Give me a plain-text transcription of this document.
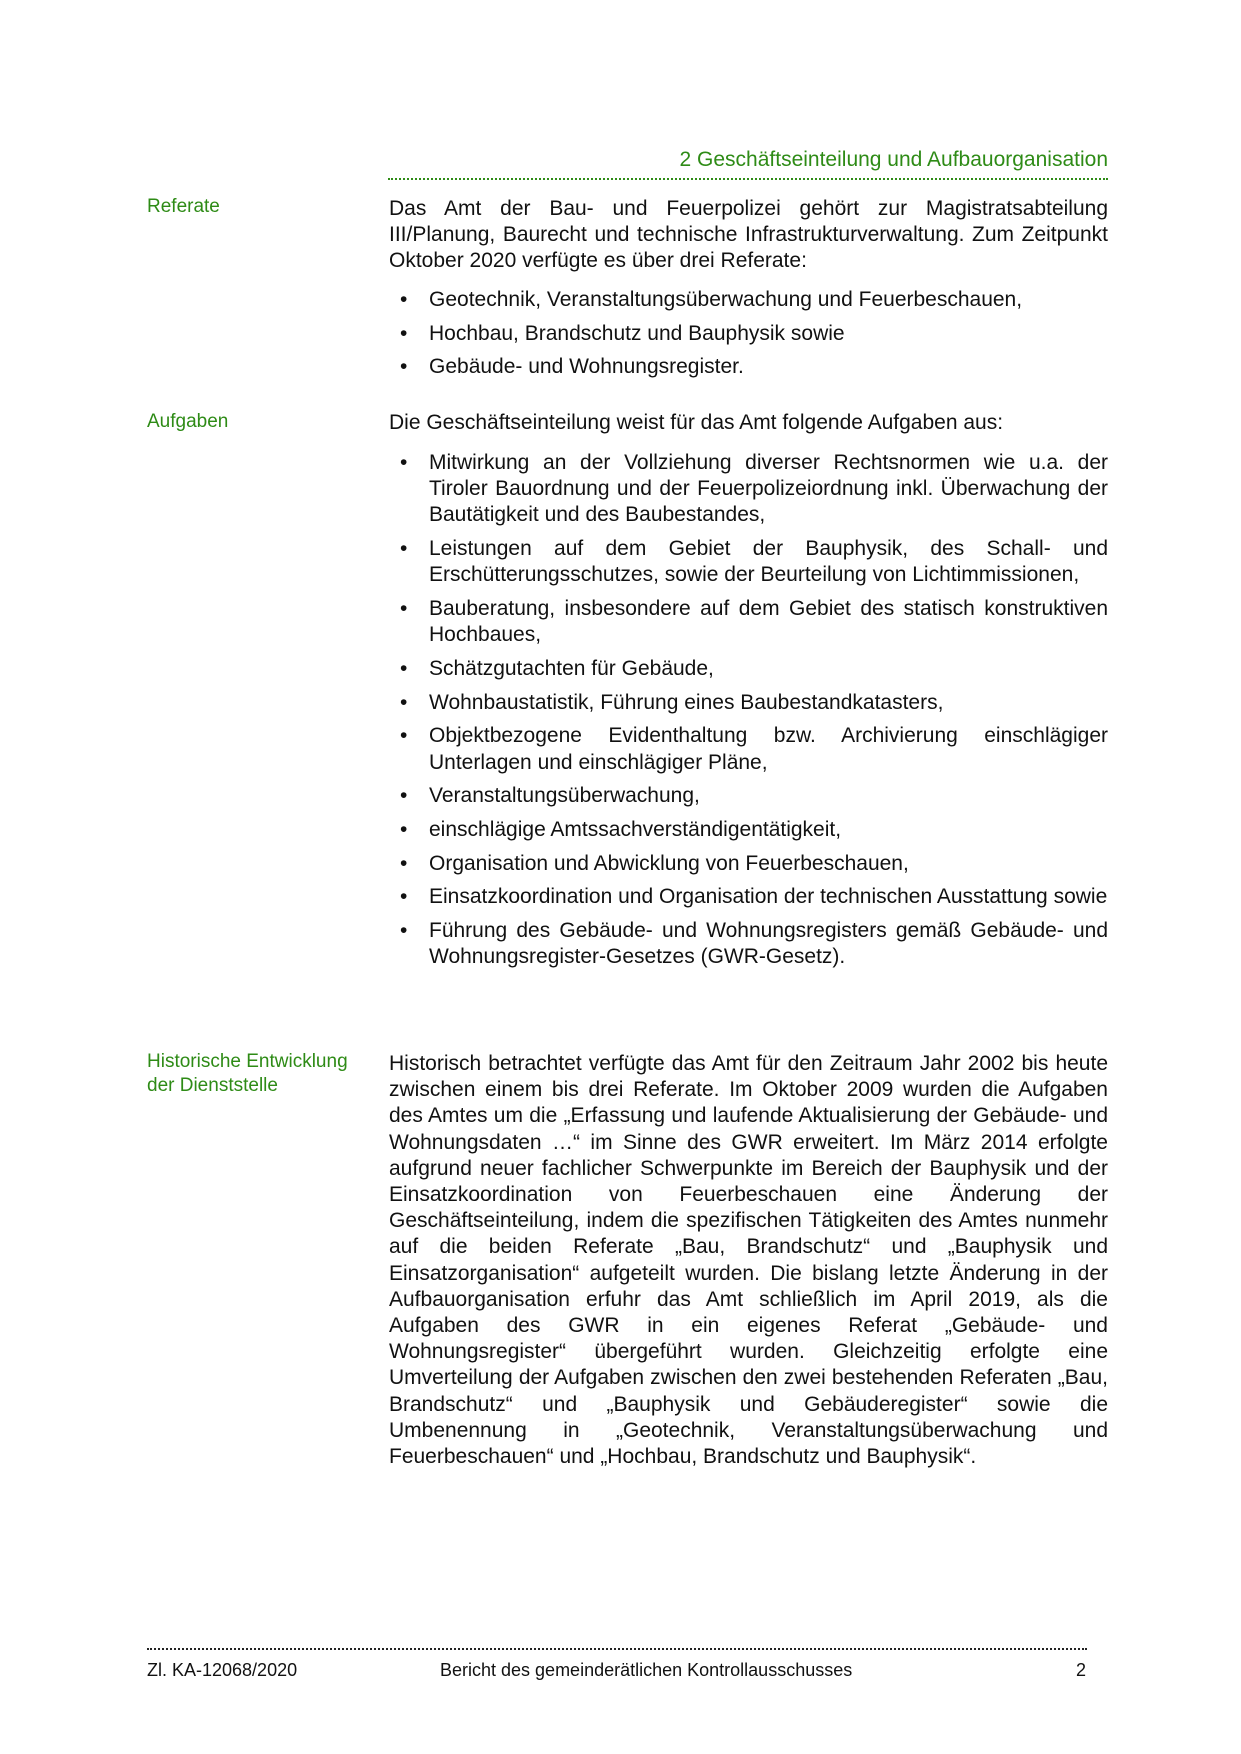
2 Geschäftseinteilung und Aufbauorganisation
Referate	Das Amt der Bau- und Feuerpolizei gehört zur Magistratsabteilung III/Planung, Baurecht und technische Infrastrukturverwaltung. Zum Zeitpunkt Oktober 2020 verfügte es über drei Referate:

• Geotechnik, Veranstaltungsüberwachung und Feuerbeschauen,
• Hochbau, Brandschutz und Bauphysik sowie
• Gebäude- und Wohnungsregister.
Aufgaben	Die Geschäftseinteilung weist für das Amt folgende Aufgaben aus:

• Mitwirkung an der Vollziehung diverser Rechtsnormen wie u.a. der Tiroler Bauordnung und der Feuerpolizeiordnung inkl. Überwachung der Bautätigkeit und des Baubestandes,
• Leistungen auf dem Gebiet der Bauphysik, des Schall- und Erschütterungsschutzes, sowie der Beurteilung von Lichtimmissionen,
• Bauberatung, insbesondere auf dem Gebiet des statisch konstruktiven Hochbaues,
• Schätzgutachten für Gebäude,
• Wohnbaustatistik, Führung eines Baubestandkatasters,
• Objektbezogene Evidenthaltung bzw. Archivierung einschlägiger Unterlagen und einschlägiger Pläne,
• Veranstaltungsüberwachung,
• einschlägige Amtssachverständigentätigkeit,
• Organisation und Abwicklung von Feuerbeschauen,
• Einsatzkoordination und Organisation der technischen Ausstattung sowie
• Führung des Gebäude- und Wohnungsregisters gemäß Gebäude- und Wohnungsregister-Gesetzes (GWR-Gesetz).
Historische Entwicklung
der Dienststelle

Historisch betrachtet verfügte das Amt für den Zeitraum Jahr 2002 bis heute zwischen einem bis drei Referate. Im Oktober 2009 wurden die Aufgaben des Amtes um die „Erfassung und laufende Aktualisierung der Gebäude- und Wohnungsdaten …“ im Sinne des GWR erweitert. Im März 2014 erfolgte aufgrund neuer fachlicher Schwerpunkte im Bereich der Bauphysik und der Einsatzkoordination von Feuerbeschauen eine Änderung der Geschäftseinteilung, indem die spezifischen Tätigkeiten des Amtes nunmehr auf die beiden Referate „Bau, Brandschutz“ und „Bauphysik und Einsatzorganisation“ aufgeteilt wurden. Die bislang letzte Änderung in der Aufbauorganisation erfuhr das Amt schließlich im April 2019, als die Aufgaben des GWR in ein eigenes Referat „Gebäude- und Wohnungsregister“ übergeführt wurden. Gleichzeitig erfolgte eine Umverteilung der Aufgaben zwischen den zwei bestehenden Referaten „Bau, Brandschutz“ und „Bauphysik und Gebäuderegister“ sowie die Umbenennung in „Geotechnik, Veranstaltungsüberwachung und Feuerbeschauen“ und „Hochbau, Brandschutz und Bauphysik“.

Zl. KA-12068/2020	Bericht des gemeinderätlichen Kontrollausschusses	2
